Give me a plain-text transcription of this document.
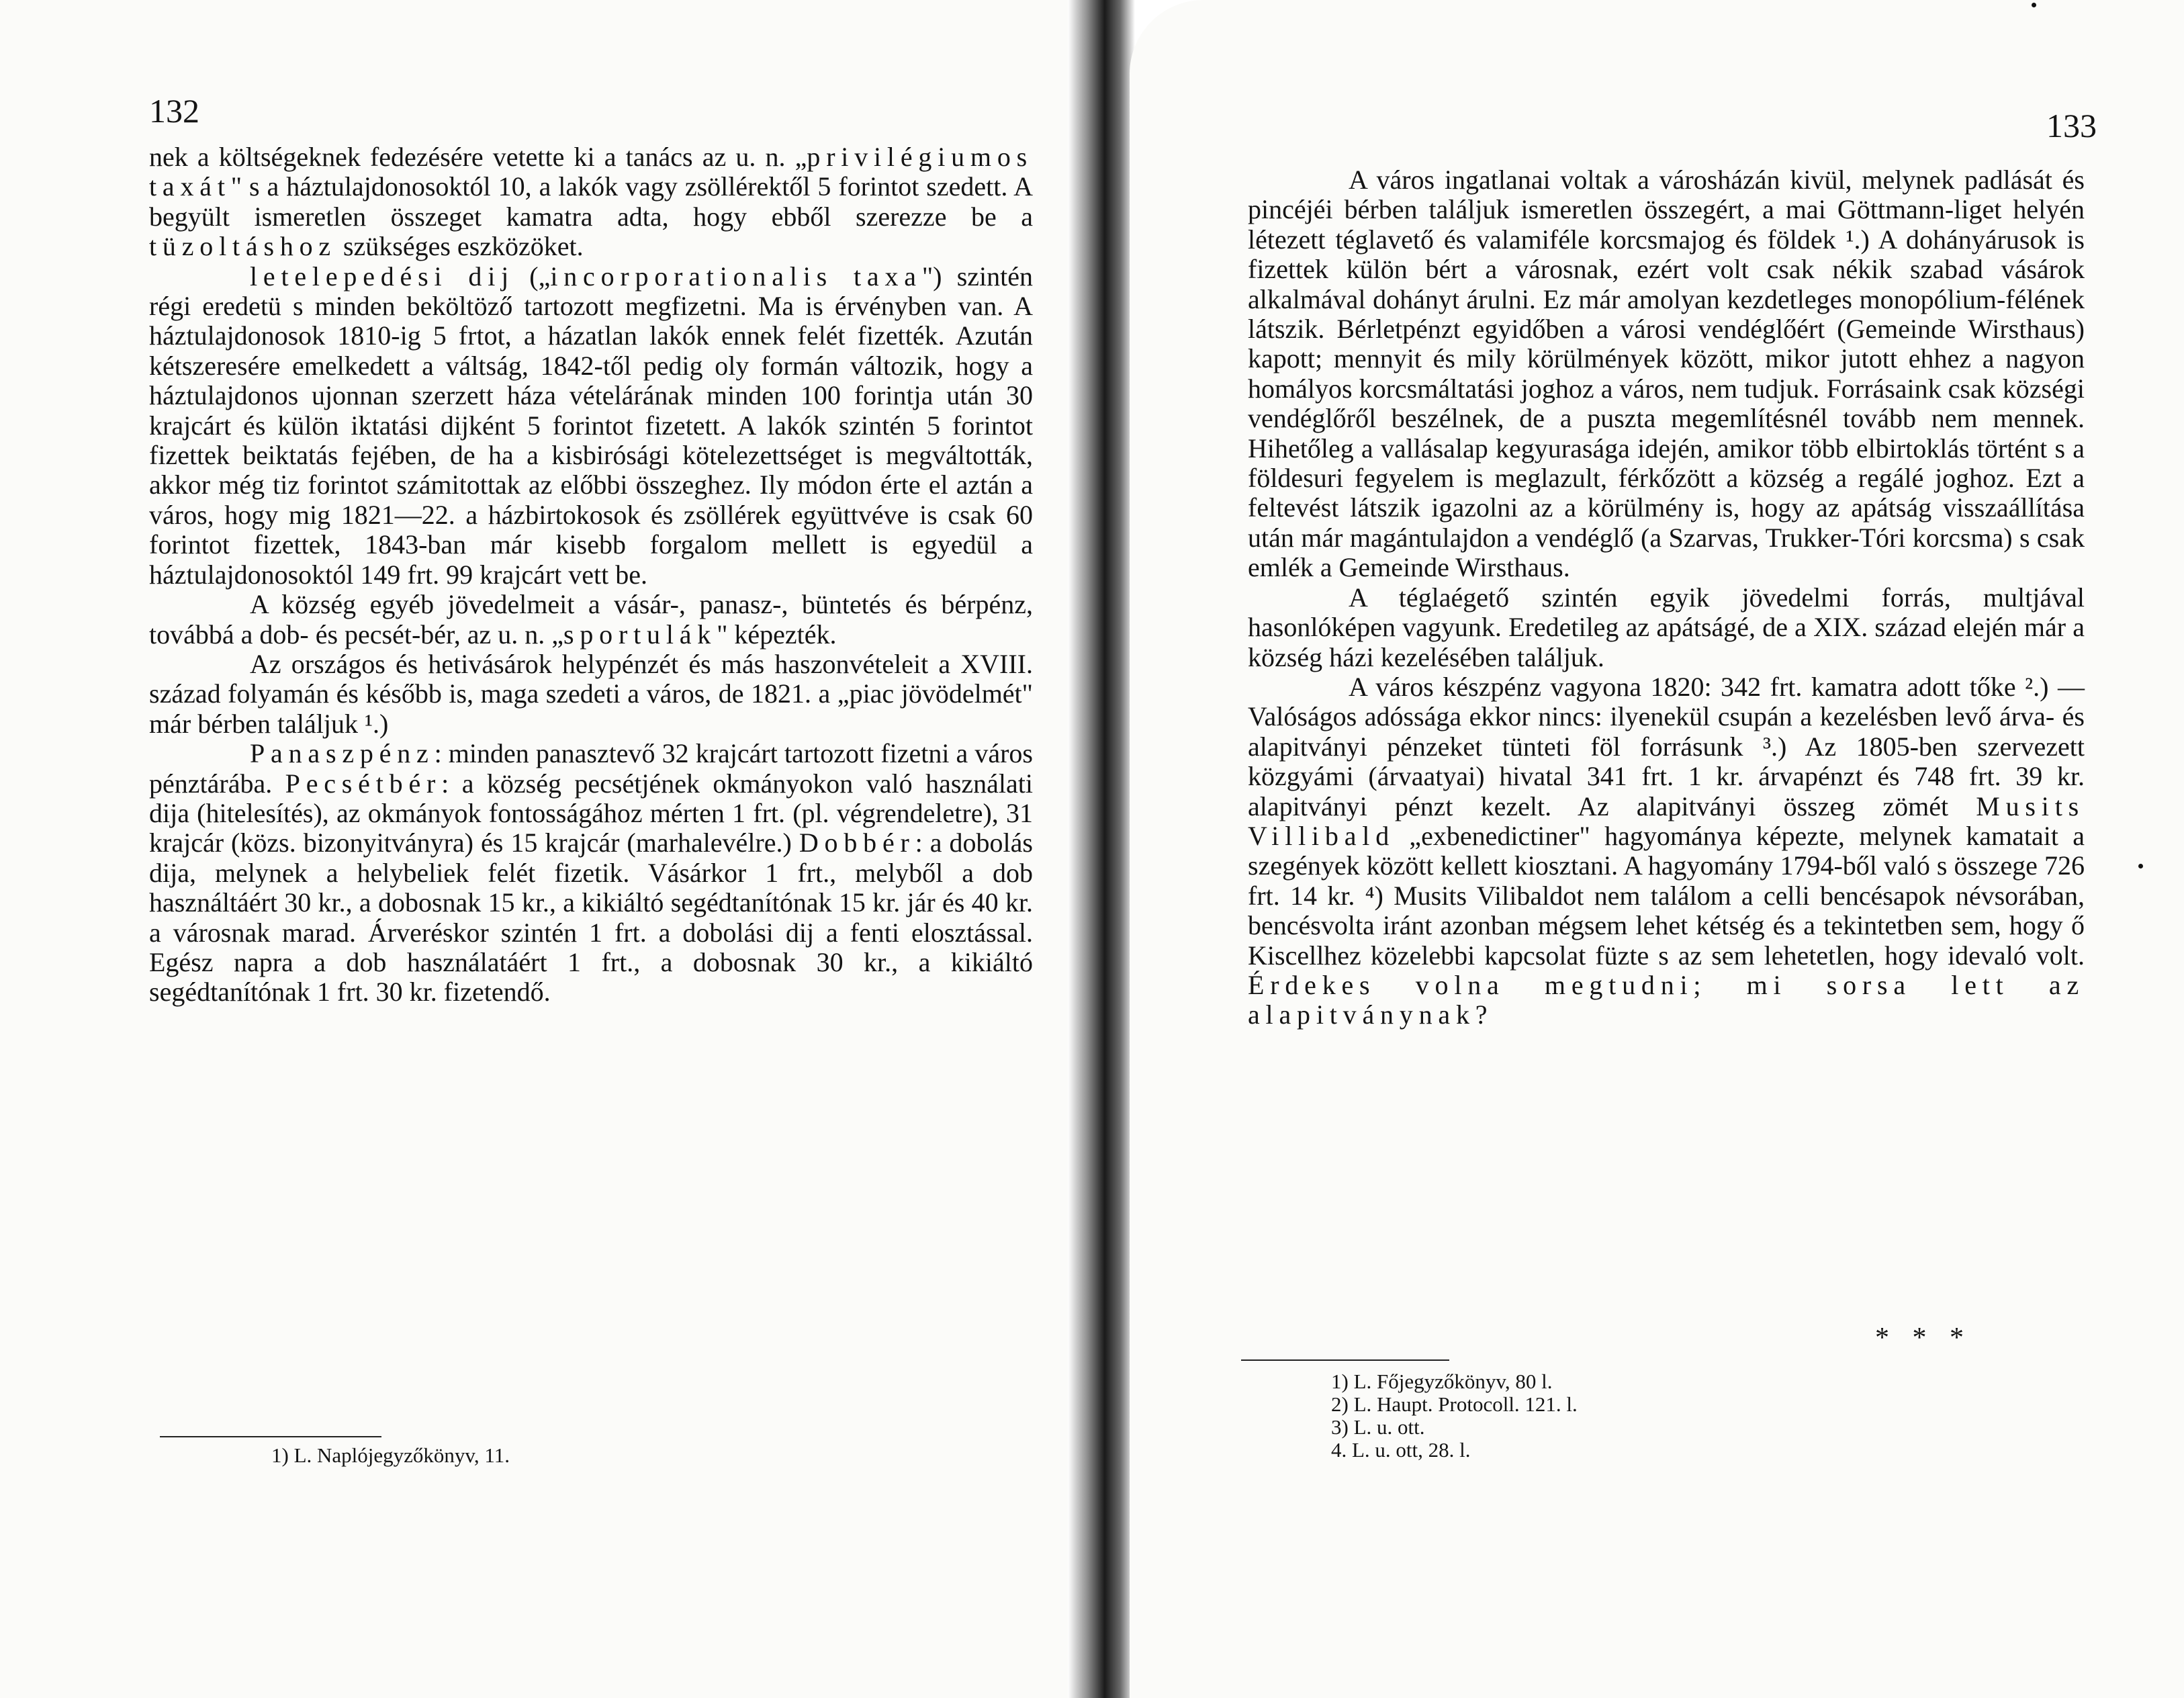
132

nek a költségeknek fedezésére vetette ki a tanács az u. n. „privilégiumos taxát" s a háztulajdonosoktól 10, a lakók vagy zsöllérektől 5 forintot szedett. A begyült ismeretlen összeget kamatra adta, hogy ebből szerezze be a tüzoltáshoz szükséges eszközöket.

letelepedési dij („incorporationalis taxa") szintén régi eredetü s minden beköltöző tartozott megfizetni. Ma is érvényben van. A háztulajdonosok 1810-ig 5 frtot, a házatlan lakók ennek felét fizették. Azután kétszeresére emelkedett a váltság, 1842-től pedig oly formán változik, hogy a háztulajdonos ujonnan szerzett háza vételárának minden 100 forintja után 30 krajcárt és külön iktatási dijként 5 forintot fizetett. A lakók szintén 5 forintot fizettek beiktatás fejében, de ha a kisbirósági kötelezettséget is megváltották, akkor még tiz forintot számitottak az előbbi összeghez. Ily módon érte el aztán a város, hogy mig 1821—22. a házbirtokosok és zsöllérek együttvéve is csak 60 forintot fizettek, 1843-ban már kisebb forgalom mellett is egyedül a háztulajdonosoktól 149 frt. 99 krajcárt vett be.

A község egyéb jövedelmeit a vásár-, panasz-, büntetés és bérpénz, továbbá a dob- és pecsét-bér, az u. n. „sportulák" képezték.

Az országos és hetivásárok helypénzét és más haszonvételeit a XVIII. század folyamán és később is, maga szedeti a város, de 1821. a „piac jövödelmét" már bérben találjuk ¹.)

Panaszpénz: minden panasztevő 32 krajcárt tartozott fizetni a város pénztárába. Pecsétbér: a község pecsétjének okmányokon való használati dija (hitelesítés), az okmányok fontosságához mérten 1 frt. (pl. végrendeletre), 31 krajcár (közs. bizonyitványra) és 15 krajcár (marhalevélre.) Dobbér: a dobolás dija, melynek a helybeliek felét fizetik. Vásárkor 1 frt., melyből a dob használtáért 30 kr., a dobosnak 15 kr., a kikiáltó segédtanítónak 15 kr. jár és 40 kr. a városnak marad. Árveréskor szintén 1 frt. a dobolási dij a fenti elosztással. Egész napra a dob használatáért 1 frt., a dobosnak 30 kr., a kikiáltó segédtanítónak 1 frt. 30 kr. fizetendő.

1) L. Naplójegyzőkönyv, 11.
133

A város ingatlanai voltak a városházán kivül, melynek padlását és pincéjéi bérben találjuk ismeretlen összegért, a mai Göttmann-liget helyén létezett téglavető és valamiféle korcsmajog és földek ¹.) A dohányárusok is fizettek külön bért a városnak, ezért volt csak nékik szabad vásárok alkalmával dohányt árulni. Ez már amolyan kezdetleges monopólium-félének látszik. Bérletpénzt egyidőben a városi vendéglőért (Gemeinde Wirsthaus) kapott; mennyit és mily körülmények között, mikor jutott ehhez a nagyon homályos korcsmáltatási joghoz a város, nem tudjuk. Forrásaink csak községi vendéglőről beszélnek, de a puszta megemlítésnél tovább nem mennek. Hihetőleg a vallásalap kegyurasága idején, amikor több elbirtoklás történt s a földesuri fegyelem is meglazult, férkőzött a község a regálé joghoz. Ezt a feltevést látszik igazolni az a körülmény is, hogy az apátság visszaállítása után már magántulajdon a vendéglő (a Szarvas, Trukker-Tóri korcsma) s csak emlék a Gemeinde Wirsthaus.

A téglaégető szintén egyik jövedelmi forrás, multjával hasonlóképen vagyunk. Eredetileg az apátságé, de a XIX. század elején már a község házi kezelésében találjuk.

A város készpénz vagyona 1820: 342 frt. kamatra adott tőke ².) — Valóságos adóssága ekkor nincs: ilyenekül csupán a kezelésben levő árva- és alapitványi pénzeket tünteti föl forrásunk ³.) Az 1805-ben szervezett közgyámi (árvaatyai) hivatal 341 frt. 1 kr. árvapénzt és 748 frt. 39 kr. alapitványi pénzt kezelt. Az alapitványi összeg zömét Musits Villibald „exbenedictiner" hagyománya képezte, melynek kamatait a szegények között kellett kiosztani. A hagyomány 1794-ből való s összege 726 frt. 14 kr. ⁴) Musits Vilibaldot nem találom a celli bencésapok névsorában, bencésvolta iránt azonban mégsem lehet kétség és a tekintetben sem, hogy ő Kiscellhez közelebbi kapcsolat füzte s az sem lehetetlen, hogy idevaló volt. Érdekes volna megtudni; mi sorsa lett az alapitványnak?

* * *
1) L. Főjegyzőkönyv, 80 l.
2) L. Haupt. Protocoll. 121. l.
3) L. u. ott.
4. L. u. ott, 28. l.
